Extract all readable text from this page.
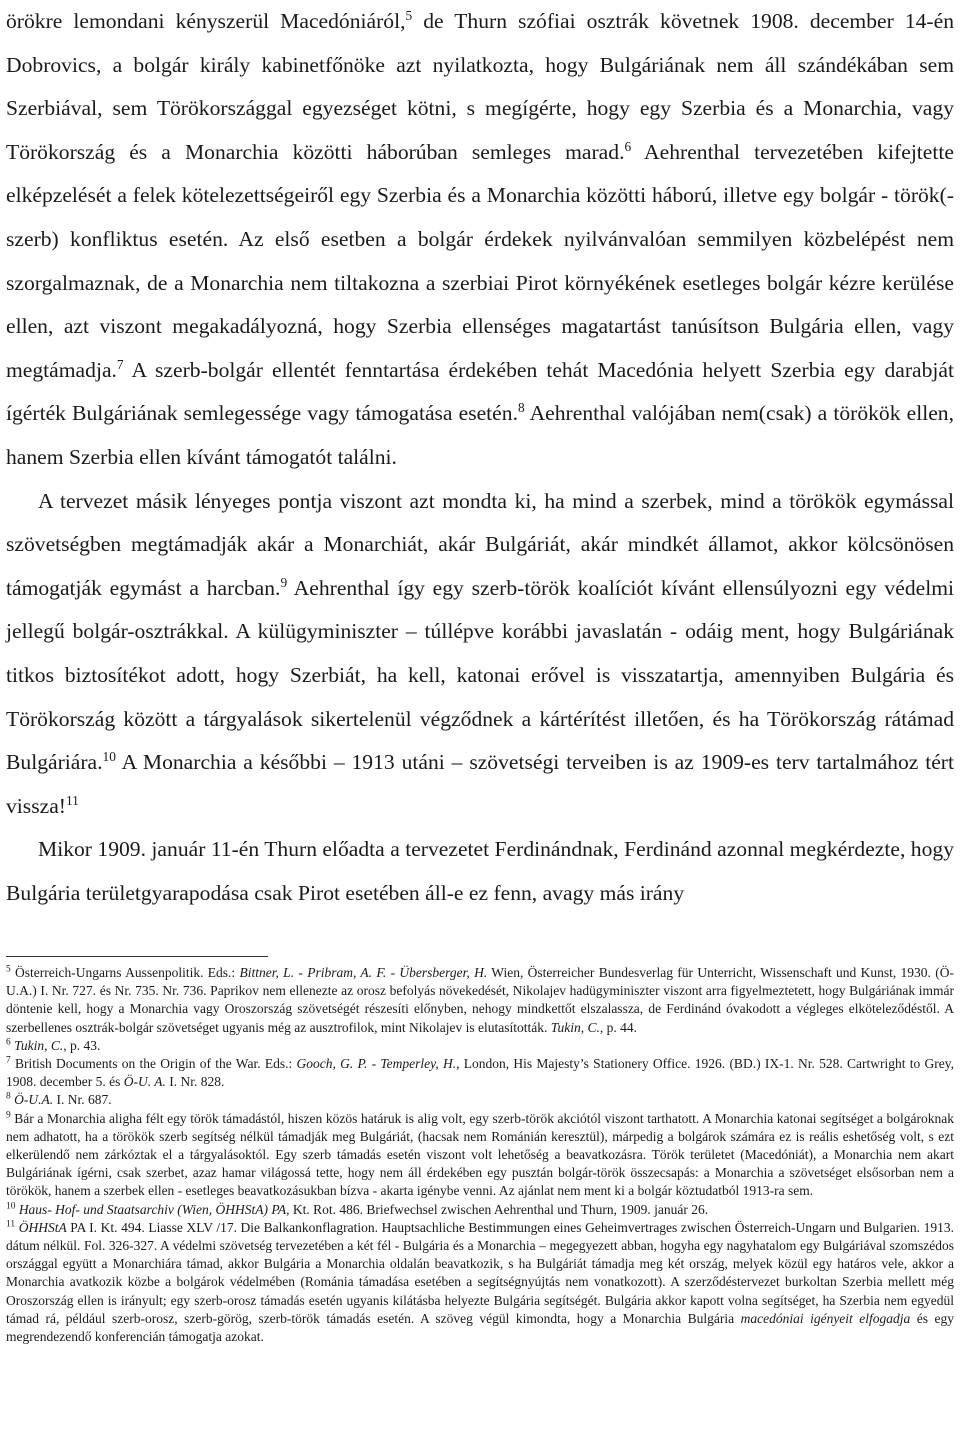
örökre lemondani kényszerül Macedóniáról,$^5$ de Thurn szófiai osztrák követnek 1908. december 14-én Dobrovics, a bolgár király kabinetfőnöke azt nyilatkozta, hogy Bulgáriának nem áll szándékában sem Szerbiával, sem Törökországgal egyezséget kötni, s megígérte, hogy egy Szerbia és a Monarchia, vagy Törökország és a Monarchia közötti háborúban semleges marad.$^6$ Aehrenthal tervezetében kifejtette elképzelését a felek kötelezettségeiről egy Szerbia és a Monarchia közötti háború, illetve egy bolgár - török(-szerb) konfliktus esetén. Az első esetben a bolgár érdekek nyilvánvalóan semmilyen közbelépést nem szorgalmaznak, de a Monarchia nem tiltakozna a szerbiai Pirot környékének esetleges bolgár kézre kerülése ellen, azt viszont megakadályozná, hogy Szerbia ellenséges magatartást tanúsítson Bulgária ellen, vagy megtámadja.$^7$ A szerb-bolgár ellentét fenntartása érdekében tehát Macedónia helyett Szerbia egy darabját ígérték Bulgáriának semlegessége vagy támogatása esetén.$^8$ Aehrenthal valójában nem(csak) a törökök ellen, hanem Szerbia ellen kívánt támogatót találni.

A tervezet másik lényeges pontja viszont azt mondta ki, ha mind a szerbek, mind a törökök egymással szövetségben megtámadják akár a Monarchiát, akár Bulgáriát, akár mindkét államot, akkor kölcsönösen támogatják egymást a harcban.$^9$ Aehrenthal így egy szerb-török koalíciót kívánt ellensúlyozni egy védelmi jellegű bolgár-osztrákkal. A külügyminiszter – túllépve korábbi javaslatán - odáig ment, hogy Bulgáriának titkos biztosítékot adott, hogy Szerbiát, ha kell, katonai erővel is visszatartja, amennyiben Bulgária és Törökország között a tárgyalások sikertelenül végződnek a kártérítést illetően, és ha Törökország rátámad Bulgáriára.$^{10}$ A Monarchia a későbbi – 1913 utáni – szövetségi terveiben is az 1909-es terv tartalmához tért vissza!$^{11}$

Mikor 1909. január 11-én Thurn előadta a tervezetet Ferdinándnak, Ferdinánd azonnal megkérdezte, hogy Bulgária területgyarapodása csak Pirot esetében áll-e ez fenn, avagy más irány

$^5$ Österreich-Ungarns Aussenpolitik. Eds.: Bittner, L. - Pribram, A. F. - Übersberger, H. Wien, Österreicher Bundesverlag für Unterricht, Wissenschaft und Kunst, 1930. (Ö-U.A.) I. Nr. 727. és Nr. 735. Nr. 736. Paprikov nem ellenezte az orosz befolyás növekedését, Nikolajev hadügyminiszter viszont arra figyelmeztetett, hogy Bulgáriának immár döntenie kell, hogy a Monarchia vagy Oroszország szövetségét részesíti előnyben, nehogy mindkettőt elszalassza, de Ferdinánd óvakodott a végleges elköteleződéstől. A szerbellenes osztrák-bolgár szövetséget ugyanis még az ausztrofilok, mint Nikolajev is elutasították. Tukin, C., p. 44.

$^6$ Tukin, C., p. 43.

$^7$ British Documents on the Origin of the War. Eds.: Gooch, G. P. - Temperley, H., London, His Majesty’s Stationery Office. 1926. (BD.) IX-1. Nr. 528. Cartwright to Grey, 1908. december 5. és Ö-U. A. I. Nr. 828.

$^8$ Ö-U.A. I. Nr. 687.

$^9$ Bár a Monarchia aligha félt egy török támadástól, hiszen közös határuk is alig volt, egy szerb-török akciótól viszont tarthatott. A Monarchia katonai segítséget a bolgároknak nem adhatott, ha a törökök szerb segítség nélkül támadják meg Bulgáriát, (hacsak nem Románián keresztül), márpedig a bolgárok számára ez is reális eshetőség volt, s ezt elkerülendő nem zárkóztak el a tárgyalásoktól. Egy szerb támadás esetén viszont volt lehetőség a beavatkozásra. Török területet (Macedóniát), a Monarchia nem akart Bulgáriának ígérni, csak szerbet, azaz hamar világossá tette, hogy nem áll érdekében egy pusztán bolgár-török összecsapás: a Monarchia a szövetséget elsősorban nem a törökök, hanem a szerbek ellen - esetleges beavatkozásukban bízva - akarta igénybe venni. Az ajánlat nem ment ki a bolgár köztudatból 1913-ra sem.

$^{10}$ Haus- Hof- und Staatsarchiv (Wien, ÖHHStA) PA, Kt. Rot. 486. Briefwechsel zwischen Aehrenthal und Thurn, 1909. január 26.

$^{11}$ ÖHHStA PA I. Kt. 494. Liasse XLV /17. Die Balkankonflagration. Hauptsachliche Bestimmungen eines Geheimvertrages zwischen Österreich-Ungarn und Bulgarien. 1913. dátum nélkül. Fol. 326-327. A védelmi szövetség tervezetében a két fél - Bulgária és a Monarchia – megegyezett abban, hogyha egy nagyhatalom egy Bulgáriával szomszédos országgal együtt a Monarchiára támad, akkor Bulgária a Monarchia oldalán beavatkozik, s ha Bulgáriát támadja meg két ország, melyek közül egy határos vele, akkor a Monarchia avatkozik közbe a bolgárok védelmében (Románia támadása esetében a segítségnyújtás nem vonatkozott). A szerződéstervezet burkoltan Szerbia mellett még Oroszország ellen is irányult; egy szerb-orosz támadás esetén ugyanis kilátásba helyezte Bulgária segítségét. Bulgária akkor kapott volna segítséget, ha Szerbia nem egyedül támad rá, például szerb-orosz, szerb-görög, szerb-török támadás esetén. A szöveg végül kimondta, hogy a Monarchia Bulgária macedóniai igényeit elfogadja és egy megrendezendő konferencián támogatja azokat.
